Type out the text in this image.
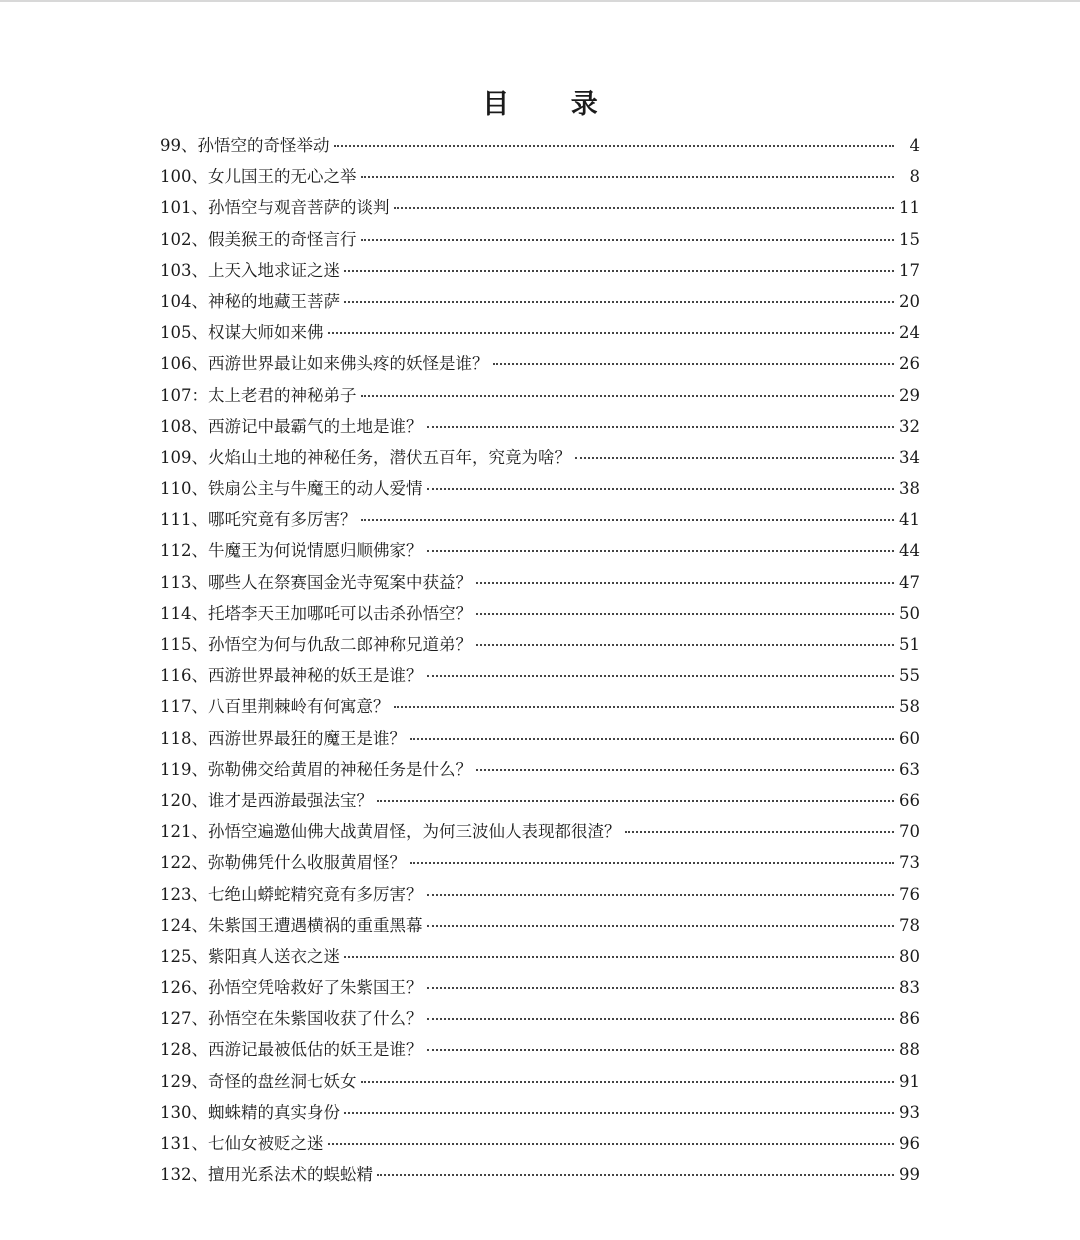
目 录
99、孙悟空的奇怪举动	4
100、女儿国王的无心之举	8
101、孙悟空与观音菩萨的谈判	11
102、假美猴王的奇怪言行	15
103、上天入地求证之迷	17
104、神秘的地藏王菩萨	20
105、权谋大师如来佛	24
106、西游世界最让如来佛头疼的妖怪是谁？	26
107：太上老君的神秘弟子	29
108、西游记中最霸气的土地是谁？	32
109、火焰山土地的神秘任务，潜伏五百年，究竟为啥？	34
110、铁扇公主与牛魔王的动人爱情	38
111、哪吒究竟有多厉害？	41
112、牛魔王为何说情愿归顺佛家？	44
113、哪些人在祭赛国金光寺冤案中获益？	47
114、托塔李天王加哪吒可以击杀孙悟空？	50
115、孙悟空为何与仇敌二郎神称兄道弟？	51
116、西游世界最神秘的妖王是谁？	55
117、八百里荆棘岭有何寓意？	58
118、西游世界最狂的魔王是谁？	60
119、弥勒佛交给黄眉的神秘任务是什么？	63
120、谁才是西游最强法宝？	66
121、孙悟空遍邀仙佛大战黄眉怪，为何三波仙人表现都很渣？	70
122、弥勒佛凭什么收服黄眉怪？	73
123、七绝山蟒蛇精究竟有多厉害？	76
124、朱紫国王遭遇横祸的重重黑幕	78
125、紫阳真人送衣之迷	80
126、孙悟空凭啥救好了朱紫国王？	83
127、孙悟空在朱紫国收获了什么？	86
128、西游记最被低估的妖王是谁？	88
129、奇怪的盘丝洞七妖女	91
130、蜘蛛精的真实身份	93
131、七仙女被贬之迷	96
132、擅用光系法术的蜈蚣精	99
